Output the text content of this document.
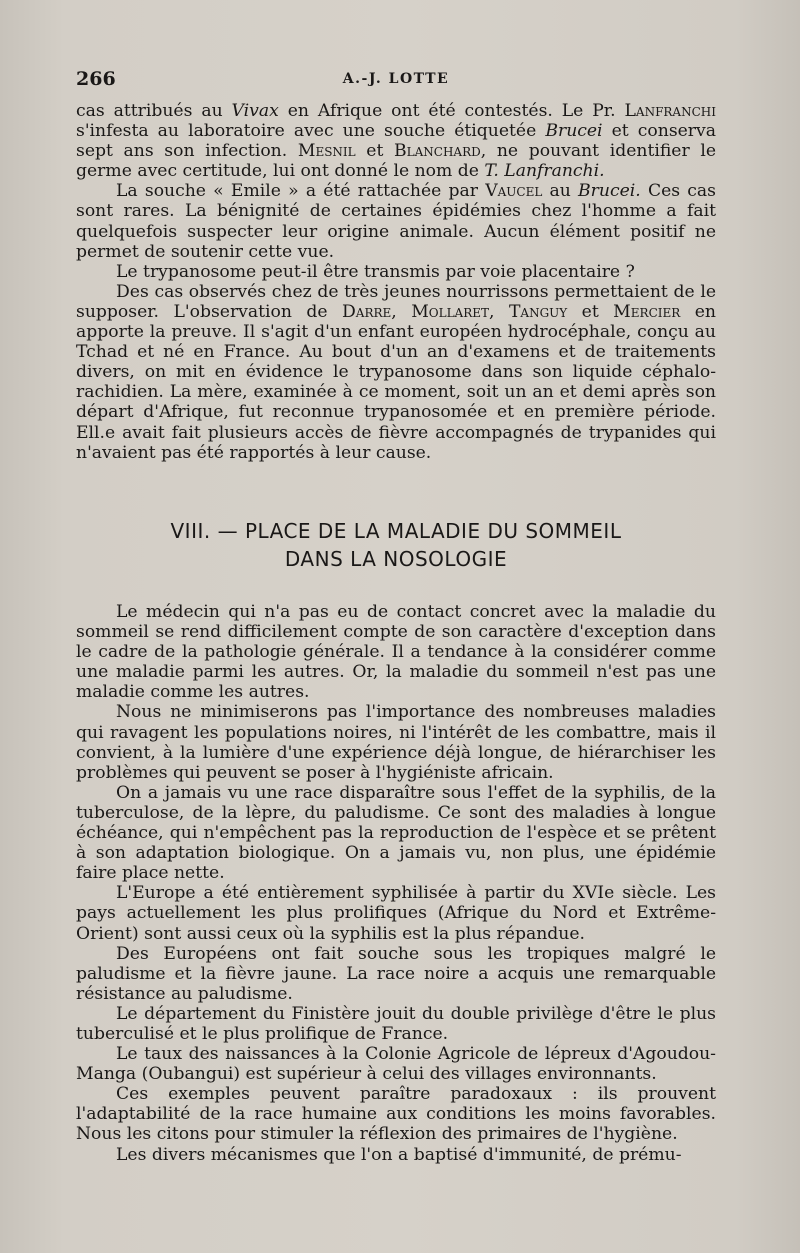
266	A.-J. LOTTE

cas attribués au Vivax en Afrique ont été contestés. Le Pr. Lanfranchi s'infesta au laboratoire avec une souche étiquetée Brucei et conserva sept ans son infection. Mesnil et Blanchard, ne pouvant identifier le germe avec certitude, lui ont donné le nom de T. Lanfranchi.

La souche « Emile » a été rattachée par Vaucel au Brucei. Ces cas sont rares. La bénignité de certaines épidémies chez l'homme a fait quelquefois suspecter leur origine animale. Aucun élément positif ne permet de soutenir cette vue.

Le trypanosome peut-il être transmis par voie placentaire ?

Des cas observés chez de très jeunes nourrissons permettaient de le supposer. L'observation de Darre, Mollaret, Tanguy et Mercier en apporte la preuve. Il s'agit d'un enfant européen hydrocéphale, conçu au Tchad et né en France. Au bout d'un an d'examens et de traitements divers, on mit en évidence le trypanosome dans son liquide céphalo-rachidien. La mère, examinée à ce moment, soit un an et demi après son départ d'Afrique, fut reconnue trypanosomée et en première période. Ell.e avait fait plusieurs accès de fièvre accompagnés de trypanides qui n'avaient pas été rapportés à leur cause.

VIII. — PLACE DE LA MALADIE DU SOMMEIL
DANS LA NOSOLOGIE

Le médecin qui n'a pas eu de contact concret avec la maladie du sommeil se rend difficilement compte de son caractère d'exception dans le cadre de la pathologie générale. Il a tendance à la considérer comme une maladie parmi les autres. Or, la maladie du sommeil n'est pas une maladie comme les autres.

Nous ne minimiserons pas l'importance des nombreuses maladies qui ravagent les populations noires, ni l'intérêt de les combattre, mais il convient, à la lumière d'une expérience déjà longue, de hiérarchiser les problèmes qui peuvent se poser à l'hygiéniste africain.

On a jamais vu une race disparaître sous l'effet de la syphilis, de la tuberculose, de la lèpre, du paludisme. Ce sont des maladies à longue échéance, qui n'empêchent pas la reproduction de l'espèce et se prêtent à son adaptation biologique. On a jamais vu, non plus, une épidémie faire place nette.

L'Europe a été entièrement syphilisée à partir du XVIe siècle. Les pays actuellement les plus prolifiques (Afrique du Nord et Extrême-Orient) sont aussi ceux où la syphilis est la plus répandue.

Des Européens ont fait souche sous les tropiques malgré le paludisme et la fièvre jaune. La race noire a acquis une remarquable résistance au paludisme.

Le département du Finistère jouit du double privilège d'être le plus tuberculisé et le plus prolifique de France.

Le taux des naissances à la Colonie Agricole de lépreux d'Agoudou-Manga (Oubangui) est supérieur à celui des villages environnants.

Ces exemples peuvent paraître paradoxaux : ils prouvent l'adaptabilité de la race humaine aux conditions les moins favorables. Nous les citons pour stimuler la réflexion des primaires de l'hygiène.

Les divers mécanismes que l'on a baptisé d'immunité, de prému-
